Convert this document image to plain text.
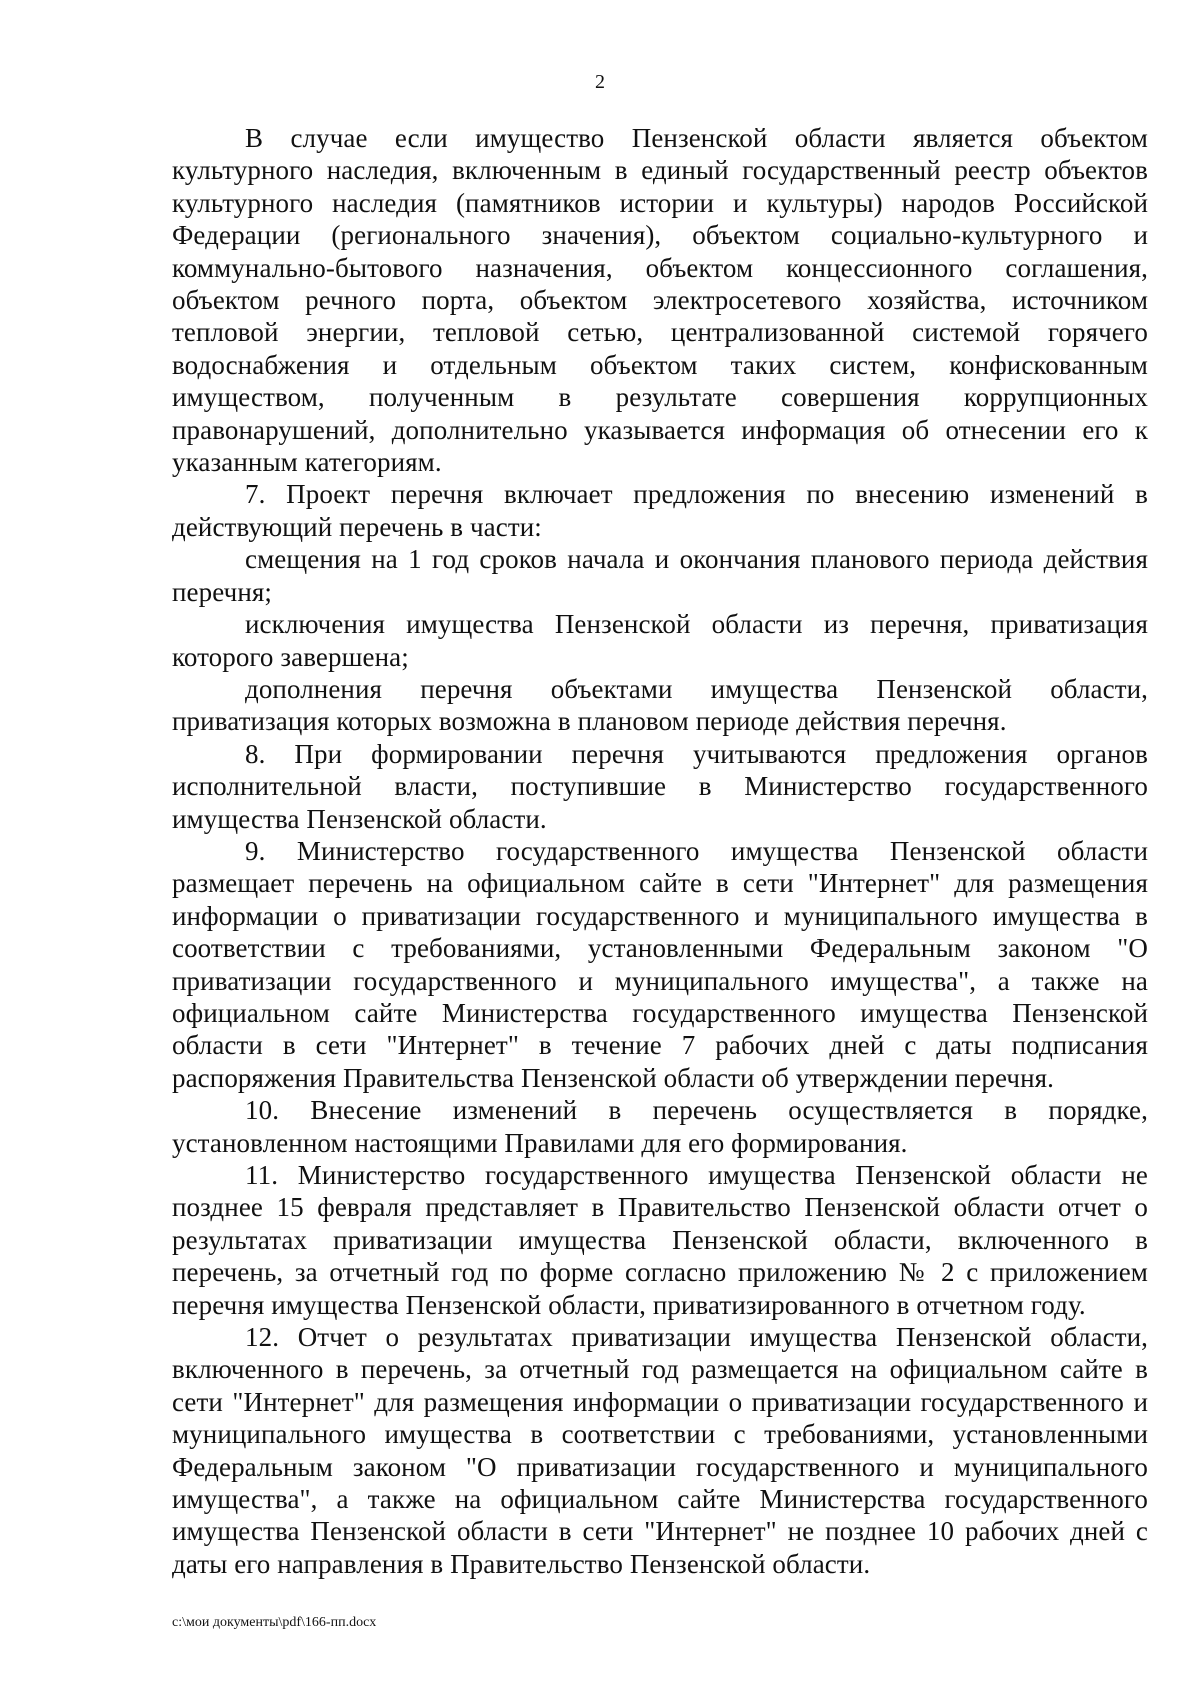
2

В случае если имущество Пензенской области является объектом культурного наследия, включенным в единый государственный реестр объектов культурного наследия (памятников истории и культуры) народов Российской Федерации (регионального значения), объектом социально-культурного и коммунально-бытового назначения, объектом концессионного соглашения, объектом речного порта, объектом электросетевого хозяйства, источником тепловой энергии, тепловой сетью, централизованной системой горячего водоснабжения и отдельным объектом таких систем, конфискованным имуществом, полученным в результате совершения коррупционных правонарушений, дополнительно указывается информация об отнесении его к указанным категориям.

7. Проект перечня включает предложения по внесению изменений в действующий перечень в части:

смещения на 1 год сроков начала и окончания планового периода действия перечня;

исключения имущества Пензенской области из перечня, приватизация которого завершена;

дополнения перечня объектами имущества Пензенской области, приватизация которых возможна в плановом периоде действия перечня.

8. При формировании перечня учитываются предложения органов исполнительной власти, поступившие в Министерство государственного имущества Пензенской области.

9. Министерство государственного имущества Пензенской области размещает перечень на официальном сайте в сети "Интернет" для размещения информации о приватизации государственного и муниципального имущества в соответствии с требованиями, установленными Федеральным законом "О приватизации государственного и муниципального имущества", а также на официальном сайте Министерства государственного имущества Пензенской области в сети "Интернет" в течение 7 рабочих дней с даты подписания распоряжения Правительства Пензенской области об утверждении перечня.

10. Внесение изменений в перечень осуществляется в порядке, установленном настоящими Правилами для его формирования.

11. Министерство государственного имущества Пензенской области не позднее 15 февраля представляет в Правительство Пензенской области отчет о результатах приватизации имущества Пензенской области, включенного в перечень, за отчетный год по форме согласно приложению № 2 с приложением перечня имущества Пензенской области, приватизированного в отчетном году.

12. Отчет о результатах приватизации имущества Пензенской области, включенного в перечень, за отчетный год размещается на официальном сайте в сети "Интернет" для размещения информации о приватизации государственного и муниципального имущества в соответствии с требованиями, установленными Федеральным законом "О приватизации государственного и муниципального имущества", а также на официальном сайте Министерства государственного имущества Пензенской области в сети "Интернет" не позднее 10 рабочих дней с даты его направления в Правительство Пензенской области.

c:\мои документы\pdf\166-пп.docx
